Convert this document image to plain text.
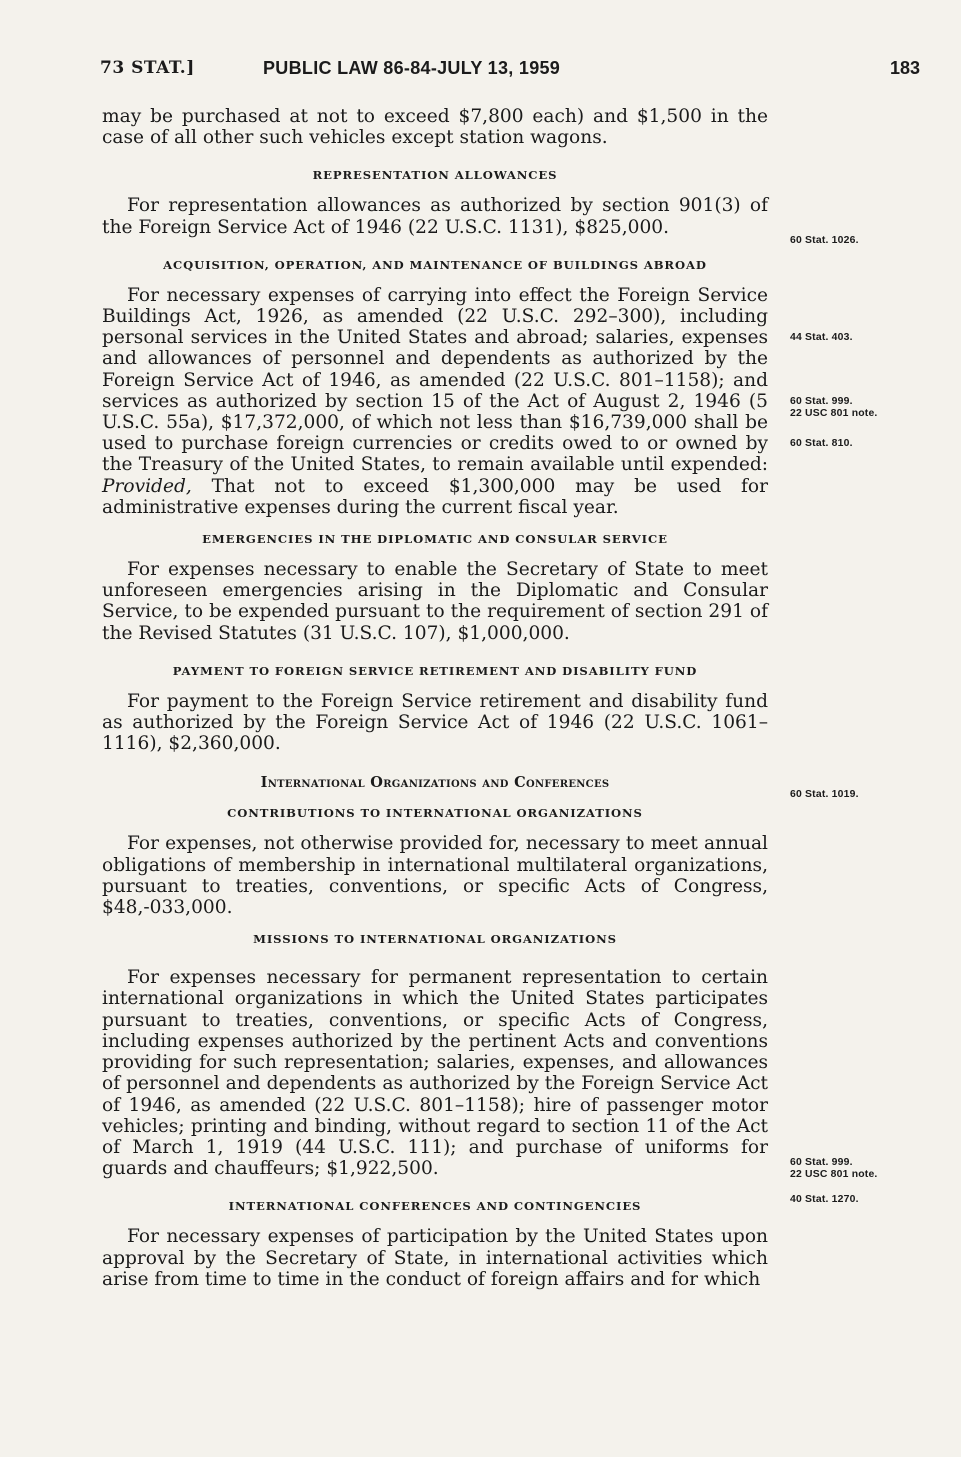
73 STAT.]	PUBLIC LAW 86-84-JULY 13, 1959	183

may be purchased at not to exceed $7,800 each) and $1,500 in the case of all other such vehicles except station wagons.

REPRESENTATION ALLOWANCES

For representation allowances as authorized by section 901(3) of the Foreign Service Act of 1946 (22 U.S.C. 1131), $825,000.

ACQUISITION, OPERATION, AND MAINTENANCE OF BUILDINGS ABROAD

For necessary expenses of carrying into effect the Foreign Service Buildings Act, 1926, as amended (22 U.S.C. 292–300), including personal services in the United States and abroad; salaries, expenses and allowances of personnel and dependents as authorized by the Foreign Service Act of 1946, as amended (22 U.S.C. 801–1158); and services as authorized by section 15 of the Act of August 2, 1946 (5 U.S.C. 55a), $17,372,000, of which not less than $16,739,000 shall be used to purchase foreign currencies or credits owed to or owned by the Treasury of the United States, to remain available until expended: Provided, That not to exceed $1,300,000 may be used for administrative expenses during the current fiscal year.

EMERGENCIES IN THE DIPLOMATIC AND CONSULAR SERVICE

For expenses necessary to enable the Secretary of State to meet unforeseen emergencies arising in the Diplomatic and Consular Service, to be expended pursuant to the requirement of section 291 of the Revised Statutes (31 U.S.C. 107), $1,000,000.

PAYMENT TO FOREIGN SERVICE RETIREMENT AND DISABILITY FUND

For payment to the Foreign Service retirement and disability fund as authorized by the Foreign Service Act of 1946 (22 U.S.C. 1061–1116), $2,360,000.

International Organizations and Conferences
CONTRIBUTIONS TO INTERNATIONAL ORGANIZATIONS

For expenses, not otherwise provided for, necessary to meet annual obligations of membership in international multilateral organizations, pursuant to treaties, conventions, or specific Acts of Congress, $48,-033,000.

MISSIONS TO INTERNATIONAL ORGANIZATIONS

For expenses necessary for permanent representation to certain international organizations in which the United States participates pursuant to treaties, conventions, or specific Acts of Congress, including expenses authorized by the pertinent Acts and conventions providing for such representation; salaries, expenses, and allowances of personnel and dependents as authorized by the Foreign Service Act of 1946, as amended (22 U.S.C. 801–1158); hire of passenger motor vehicles; printing and binding, without regard to section 11 of the Act of March 1, 1919 (44 U.S.C. 111); and purchase of uniforms for guards and chauffeurs; $1,922,500.

INTERNATIONAL CONFERENCES AND CONTINGENCIES

For necessary expenses of participation by the United States upon approval by the Secretary of State, in international activities which arise from time to time in the conduct of foreign affairs and for which

60 Stat. 1026.
44 Stat. 403.
60 Stat. 999.
22 USC 801 note.
60 Stat. 810.
60 Stat. 1019.
60 Stat. 999.
22 USC 801 note.
40 Stat. 1270.
